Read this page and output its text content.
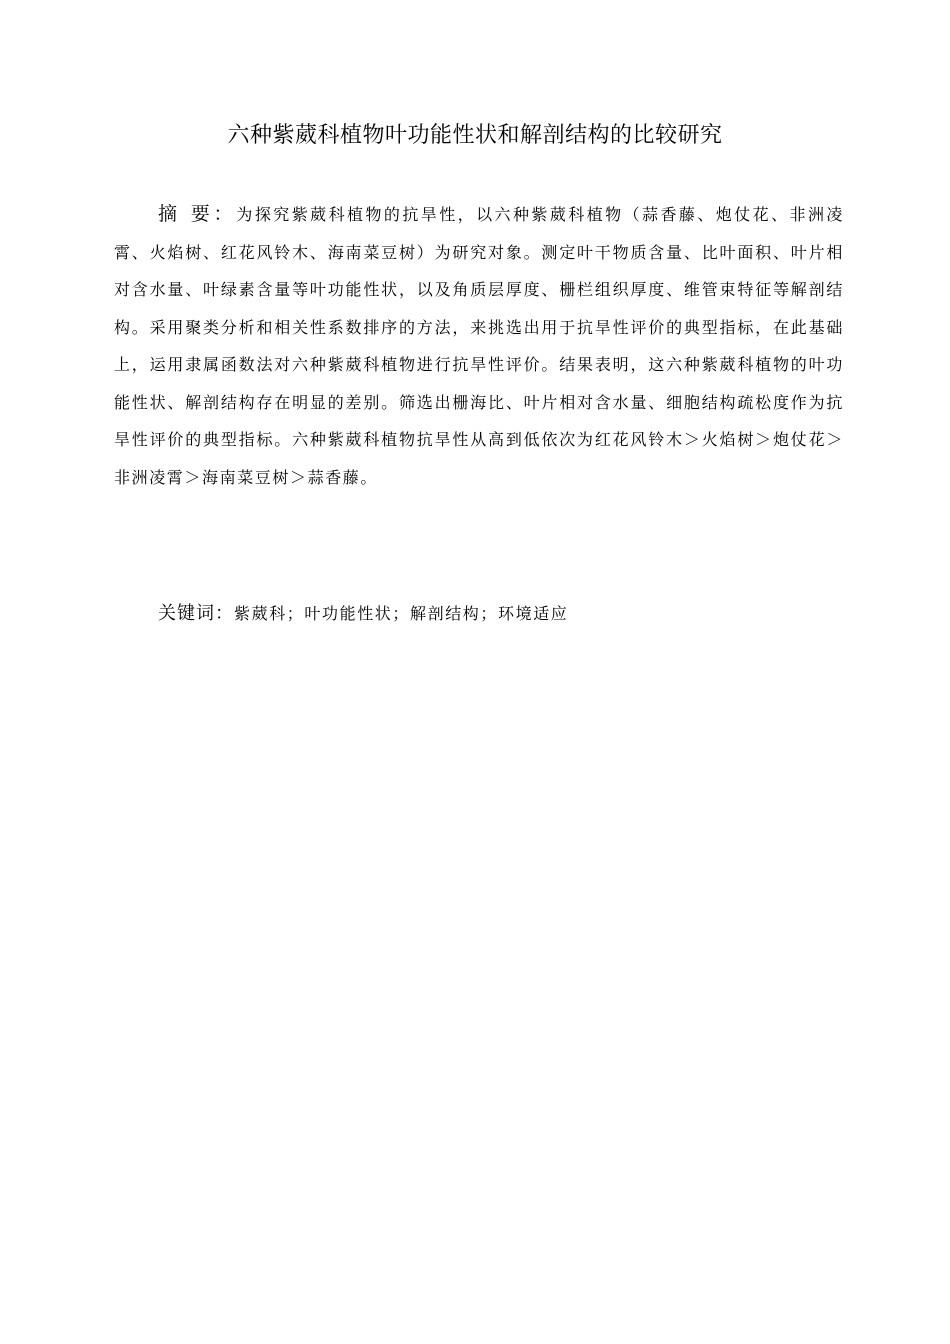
六种紫葳科植物叶功能性状和解剖结构的比较研究

摘 要：为探究紫葳科植物的抗旱性，以六种紫葳科植物（蒜香藤、炮仗花、非洲凌霄、火焰树、红花风铃木、海南菜豆树）为研究对象。测定叶干物质含量、比叶面积、叶片相对含水量、叶绿素含量等叶功能性状，以及角质层厚度、栅栏组织厚度、维管束特征等解剖结构。采用聚类分析和相关性系数排序的方法，来挑选出用于抗旱性评价的典型指标，在此基础上，运用隶属函数法对六种紫葳科植物进行抗旱性评价。结果表明，这六种紫葳科植物的叶功能性状、解剖结构存在明显的差别。筛选出栅海比、叶片相对含水量、细胞结构疏松度作为抗旱性评价的典型指标。六种紫葳科植物抗旱性从高到低依次为红花风铃木＞火焰树＞炮仗花＞非洲凌霄＞海南菜豆树＞蒜香藤。

关键词：紫葳科；叶功能性状；解剖结构；环境适应
